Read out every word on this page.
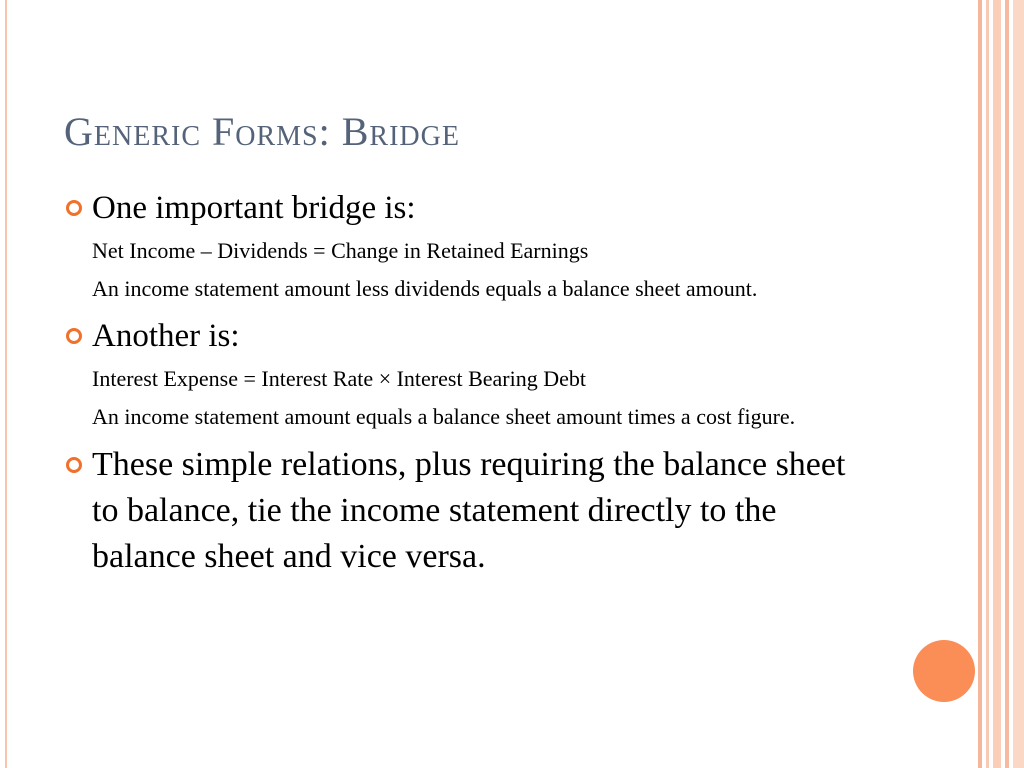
Generic Forms: Bridge
One important bridge is:
Net Income – Dividends = Change in Retained Earnings
An income statement amount less dividends equals a balance sheet amount.
Another is:
Interest Expense = Interest Rate × Interest Bearing Debt
An income statement amount equals a balance sheet amount times a cost figure.
These simple relations, plus requiring the balance sheet to balance, tie the income statement directly to the balance sheet and vice versa.
